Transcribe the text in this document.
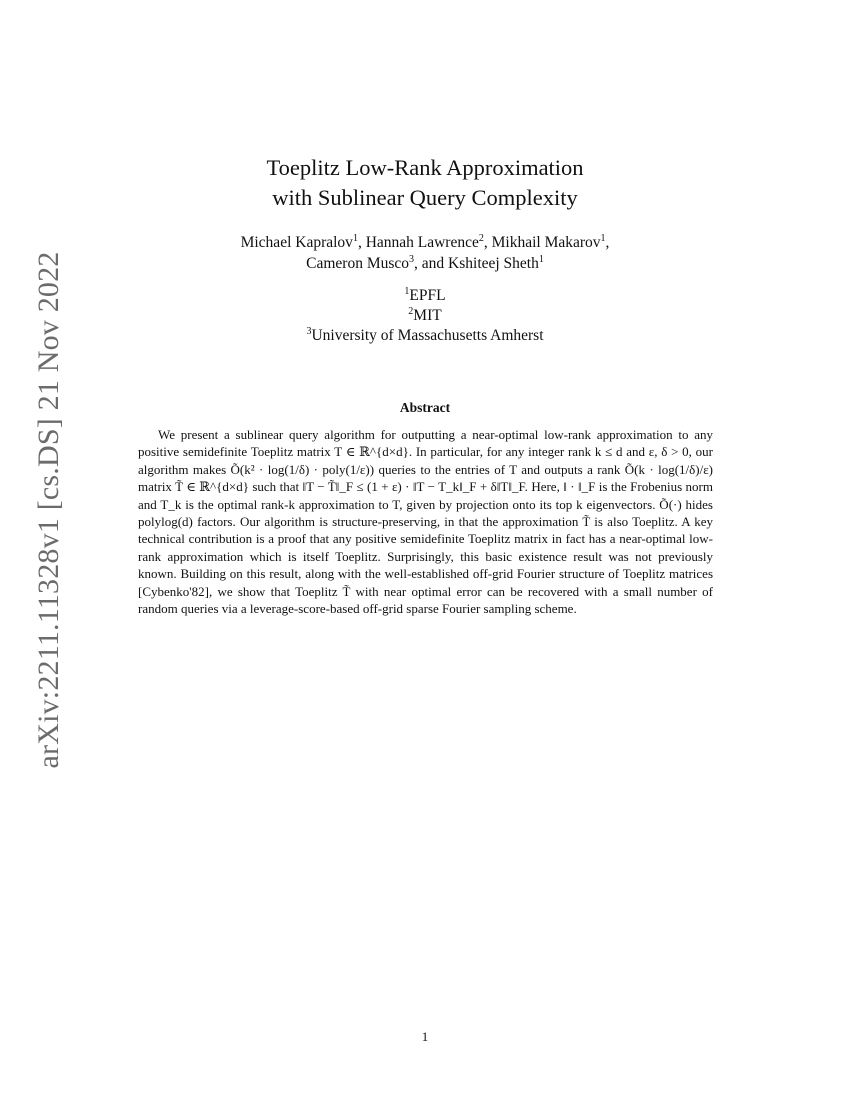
arXiv:2211.11328v1 [cs.DS] 21 Nov 2022
Toeplitz Low-Rank Approximation
with Sublinear Query Complexity
Michael Kapralov$^1$, Hannah Lawrence$^2$, Mikhail Makarov$^1$,
Cameron Musco$^3$, and Kshiteej Sheth$^1$
$^1$EPFL
$^2$MIT
$^3$University of Massachusetts Amherst
Abstract
We present a sublinear query algorithm for outputting a near-optimal low-rank approximation to any positive semidefinite Toeplitz matrix T ∈ ℝ^{d×d}. In particular, for any integer rank k ≤ d and ε, δ > 0, our algorithm makes Õ(k² · log(1/δ) · poly(1/ε)) queries to the entries of T and outputs a rank Õ(k · log(1/δ)/ε) matrix T̃ ∈ ℝ^{d×d} such that ‖T − T̃‖_F ≤ (1 + ε) · ‖T − T_k‖_F + δ‖T‖_F. Here, ‖ · ‖_F is the Frobenius norm and T_k is the optimal rank-k approximation to T, given by projection onto its top k eigenvectors. Õ(·) hides polylog(d) factors. Our algorithm is structure-preserving, in that the approximation T̃ is also Toeplitz. A key technical contribution is a proof that any positive semidefinite Toeplitz matrix in fact has a near-optimal low-rank approximation which is itself Toeplitz. Surprisingly, this basic existence result was not previously known. Building on this result, along with the well-established off-grid Fourier structure of Toeplitz matrices [Cybenko'82], we show that Toeplitz T̃ with near optimal error can be recovered with a small number of random queries via a leverage-score-based off-grid sparse Fourier sampling scheme.
1
